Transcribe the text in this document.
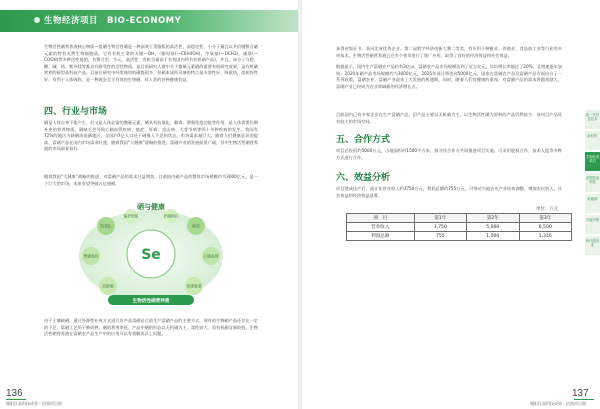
生物经济项目　BIO-ECONOMY

生物活性硒营养液核心物质—组硒生物活性硒是一种高效于蛋脂版的高活性、高稳定性、小分子量且以共价键螯合硒元素的特有天然生物细胞质。它有有机生命的关键—OH，（酚羟基(—C6H4OH)，甲氧基(—OCH3)，硫基(—COOH)等多种活性基团，有螯合型、多元、高活性、有机含量高于有效国内所有有机硒产品)，并且，该分子与稳、酸、碱、热、紫外线等都具有耐受性的活性物质，是目前研究人群中关于微量元素硒的重要有机研究成果，是有机硒营养的新型高科技产品。目前在研究中经常使用的硒都很多，但硒本质所具备的特点是水溶性好、吸收快，组相容性好，有利于人体吸收，是一种既安全又有效的生物硒，对人类的各种健康有益。

四、行业与市场

硒是人体自身不能产生，但又是人体必需的微量元素，硒具有抗氧化、解毒、增强免疫功能等作用，是人体需要长期补充的营养物质。硒缺乏会导致心脑血管疾病、癌症、肝病、克山病、大骨节病等四十多种疾病的发生。我国有72%的地区为缺硒或低硒地区，全国约7亿人口处于硒摄入不足的状态，市场需求量巨大。随着人们健康意识的提高，富硒产品在国内市场需求旺盛，随着我国“大健康”战略的推进，富硒产业的发展前景广阔，其中生物活性硒营养液的市场前景看好。

随着我国“大健康”战略的推进，对富硒产品的需求日益增加，目前国内硒产品的整体市场规模约为3000亿元，是一个巨大的市场，未来有望突破万亿规模。

硒与健康
抗氧化	解毒
增强免疫	心脑血管
抗肿瘤	延缓衰老
保护肝脏	护眼明目
生物活性硒营养液
Se

由于土壤缺硒，通过外源性补充方式进行农产品富硒是目前生产富硒产品的主要方式，现有的生物硒产品还存在一定的不足：富硒工艺仍不够成熟，硒的利用率低，产品中硒的形态以无机硒为主，毒性较大，而有机硒含量较低，生物活性硒营养液在富硒农产品生产中的应用可以有效解决以上问题。

136
城阳区高科技成果｜招商项目册

获得省级证书、获河北省优秀企业、第二届数字经济创新大赛二等奖，有应用于种植业、养殖业、食品加工业等行业的多项技术，生物活性硒营养液已在多个省市进行了推广应用，取得了良好的经济效益和社会效益。

数据显示，国内生产富硒农产品约有3亿亩，富硒农产品市场规模达到了近万亿元，年均增长率超过了20%，且增速逐年加快。2020年硒产品市场规模约为3000亿元，2025年预计将达到5000亿元。国家在富硒农产品及富硒产品方面出台了一系列政策，富硒农业、富硒产业迎来了大发展的机遇期。同时，随着人们对健康的重视，对富硒产品的需求将越来越大，富硒产业已经成为农业领域新的经济增长点。

目前国内已有多家企业在生产富硒产品，但产品主要以无机硒为主，以生物活性硒为原料的产品仍然较少，该项目产品具有较大的市场空间。

五、合作方式

项目总投资约5000万元，占地面积约1500平方米，拟寻找合作方共同推进项目实施，可采用股权合作、技术入股等多种方式进行合作。

六、效益分析

项目建成达产后，预计年营业收入约3750万元，利润总额约755万元，可带动当地农业产业结构调整，增加农民收入，社会效益和经济效益显著。

单位：万元
项　目	第1年	第2年	第3年
营业收入	3,750	5,000	6,500
利润总额	755	1,000	1,316
新一代信息技术
新材料
生物经济项目
高端装备制造
新能源
节能环保
现代服务业
137
城阳区高科技成果｜招商项目册
